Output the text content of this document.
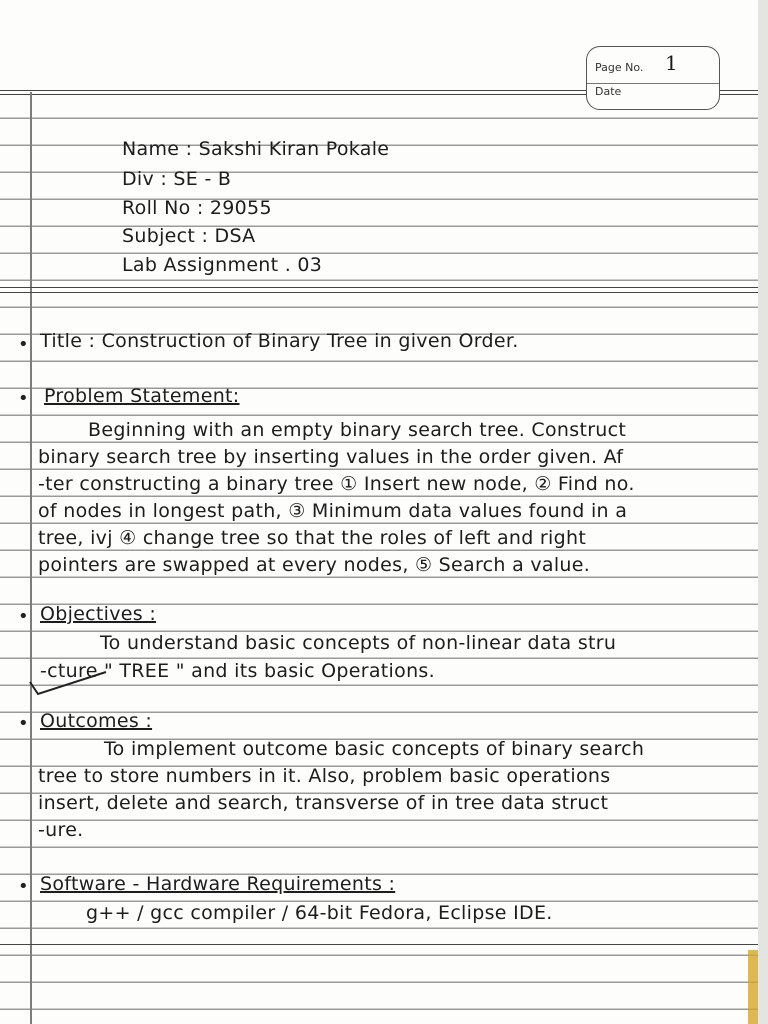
Page No. 1
Date

Name : Sakshi Kiran Pokale

Div : SE - B

Roll No : 29055

Subject : DSA

Lab Assignment . 03

• Title : Construction of Binary Tree in given Order.

• Problem Statement:

Beginning with an empty binary search tree. Construct

binary search tree by inserting values in the order given. Af

-ter constructing a binary tree ① Insert new node, ② Find no.

of nodes in longest path, ③ Minimum data values found in a

tree, ivj ④ change tree so that the roles of left and right

pointers are swapped at every nodes, ⑤ Search a value.

• Objectives :

To understand basic concepts of non-linear data stru

-cture " TREE " and its basic Operations.

• Outcomes :

To implement outcome basic concepts of binary search

tree to store numbers in it. Also, problem basic operations

insert, delete and search, transverse of in tree data struct

-ure.

• Software - Hardware Requirements :

g++ / gcc compiler / 64-bit Fedora, Eclipse IDE.
